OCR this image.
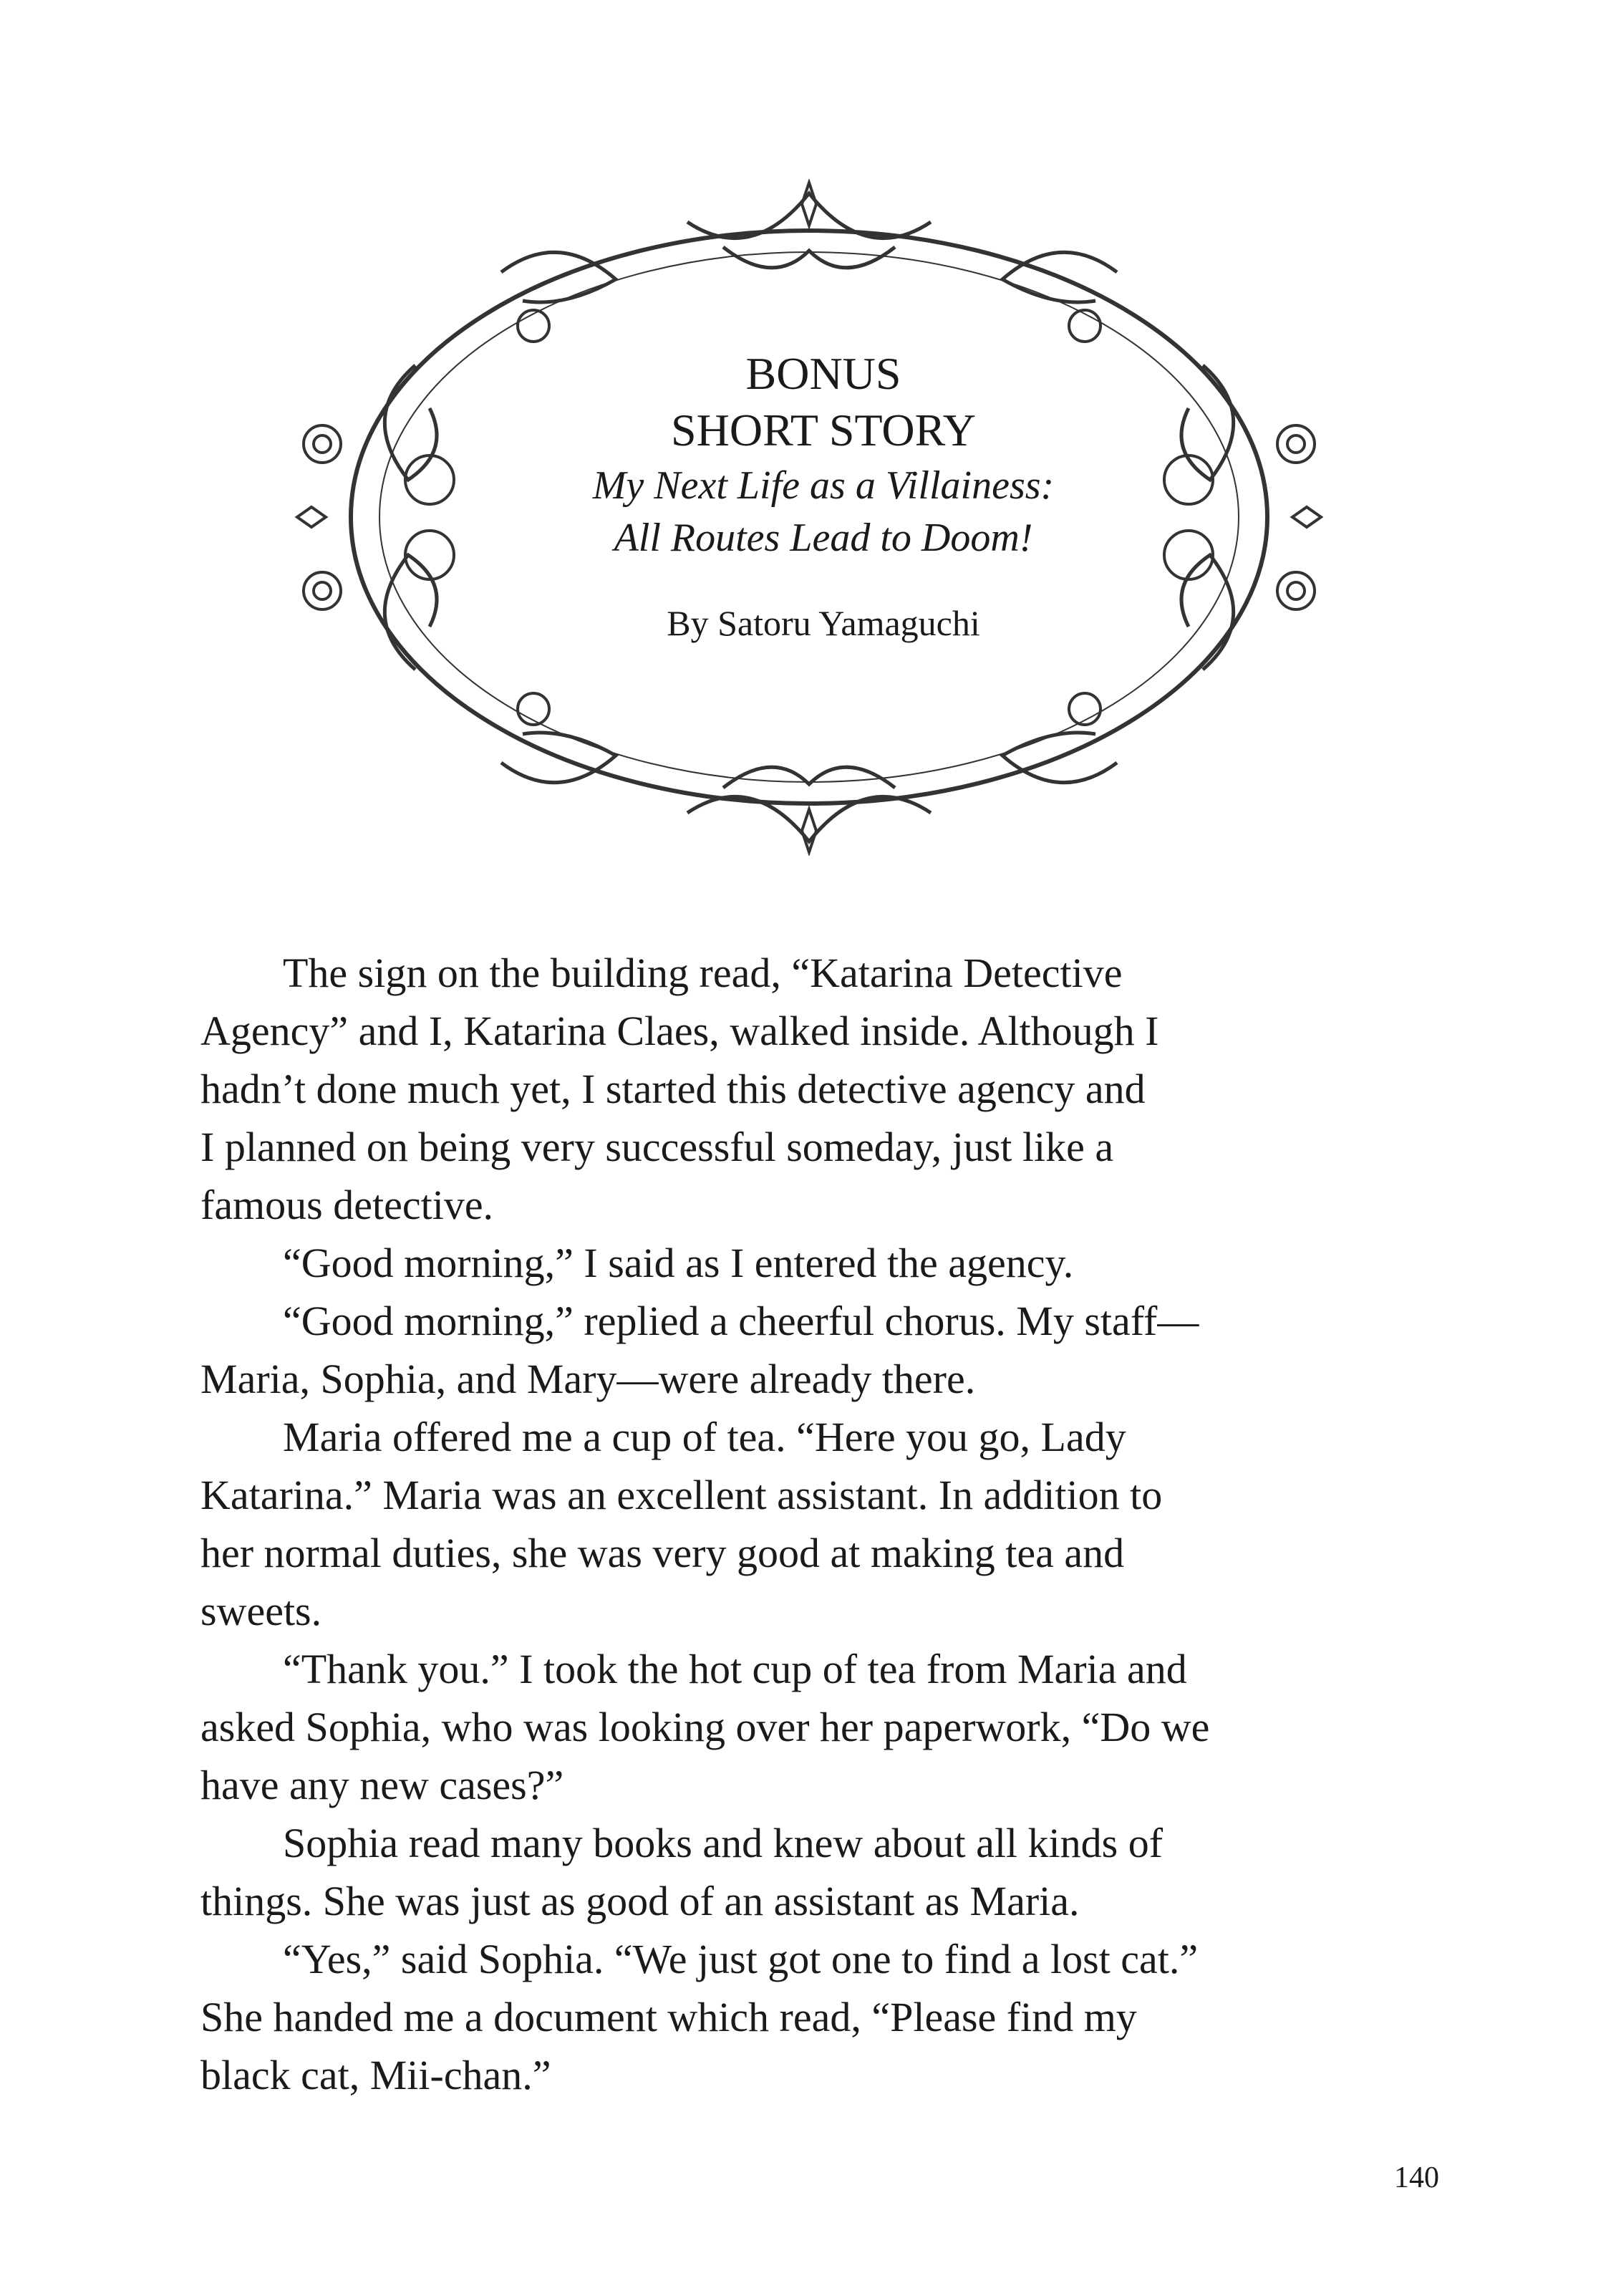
BONUS
SHORT STORY
My Next Life as a Villainess:
All Routes Lead to Doom!
By Satoru Yamaguchi
The sign on the building read, “Katarina Detective
Agency” and I, Katarina Claes, walked inside. Although I
hadn’t done much yet, I started this detective agency and
I planned on being very successful someday, just like a
famous detective.
“Good morning,” I said as I entered the agency.
“Good morning,” replied a cheerful chorus. My staff—
Maria, Sophia, and Mary—were already there.
Maria offered me a cup of tea. “Here you go, Lady
Katarina.” Maria was an excellent assistant. In addition to
her normal duties, she was very good at making tea and
sweets.
“Thank you.” I took the hot cup of tea from Maria and
asked Sophia, who was looking over her paperwork, “Do we
have any new cases?”
Sophia read many books and knew about all kinds of
things. She was just as good of an assistant as Maria.
“Yes,” said Sophia. “We just got one to find a lost cat.”
She handed me a document which read, “Please find my
black cat, Mii-chan.”
140
